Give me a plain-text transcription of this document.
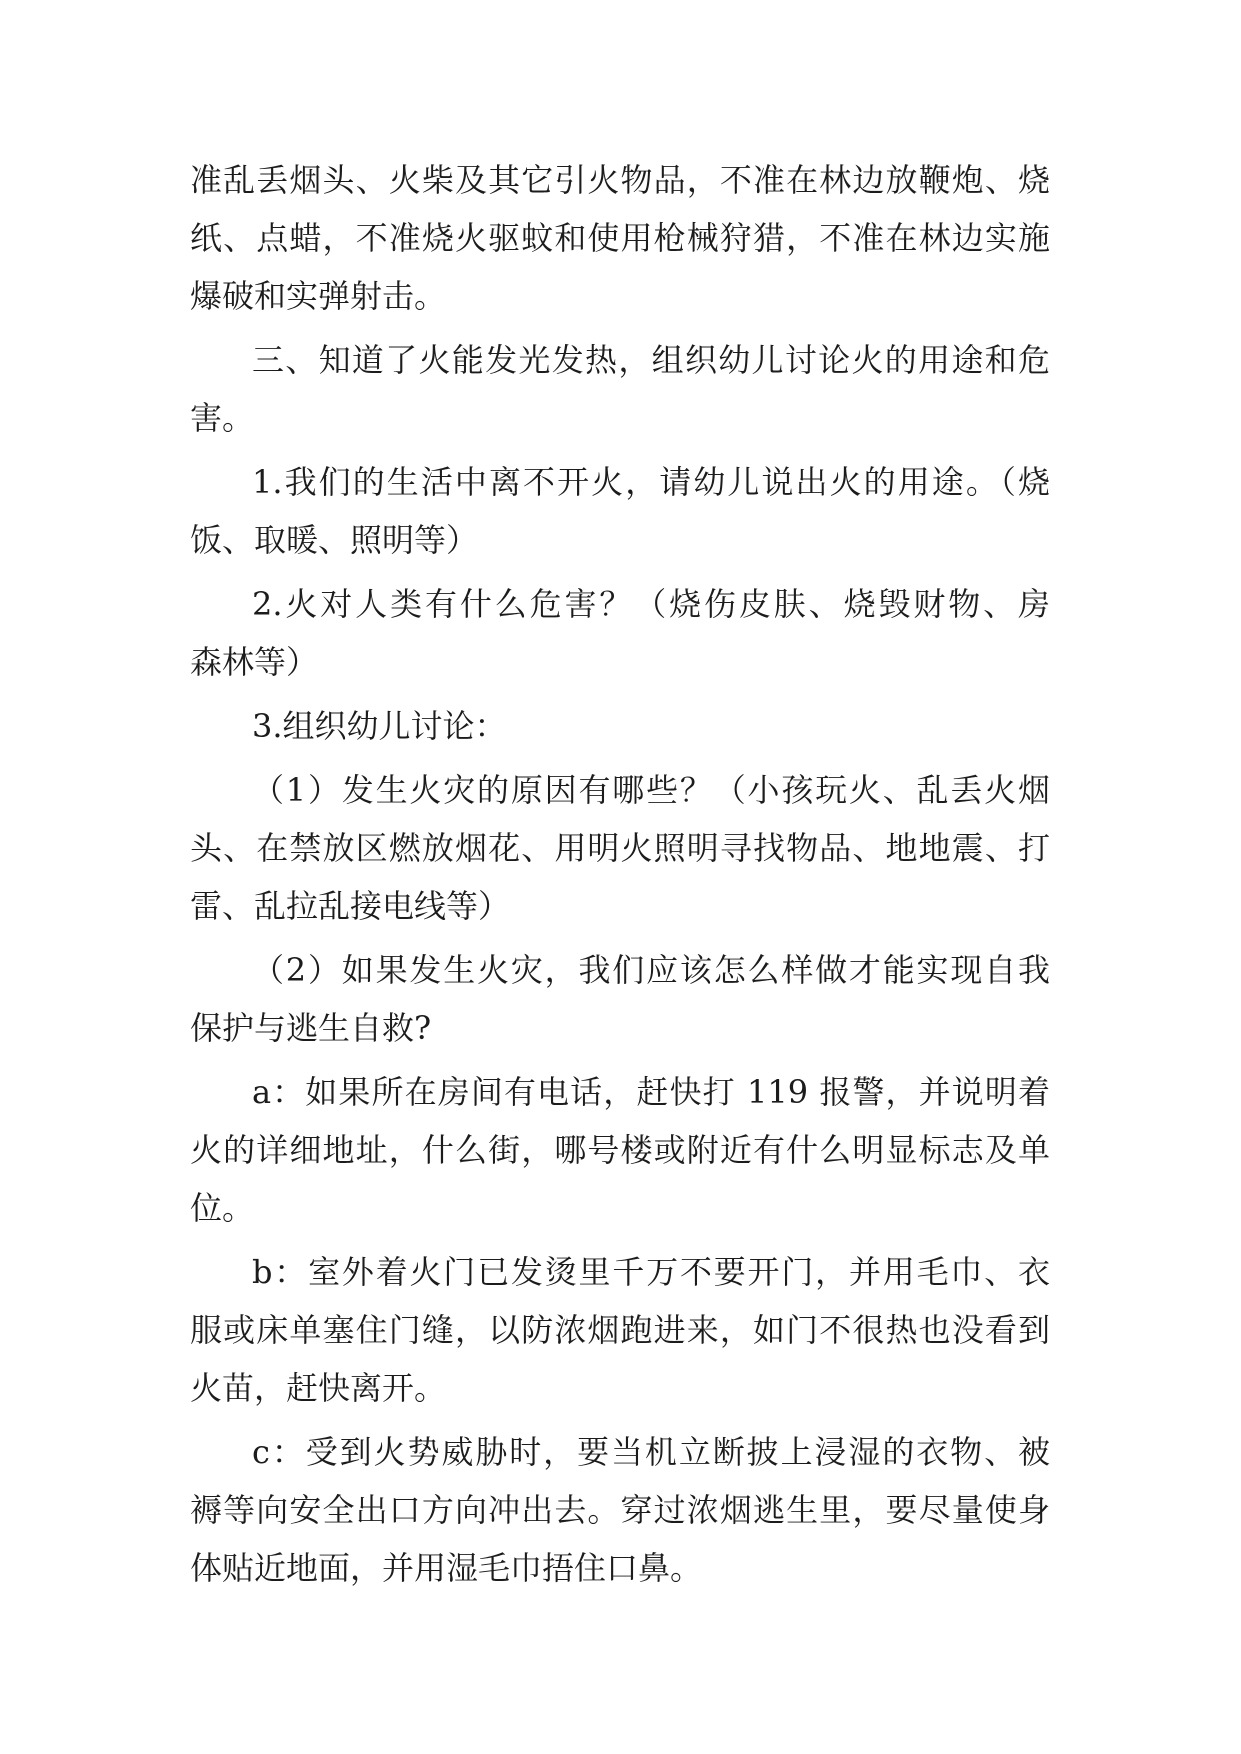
准乱丢烟头、火柴及其它引火物品，不准在林边放鞭炮、烧
纸、点蜡，不准烧火驱蚊和使用枪械狩猎，不准在林边实施
爆破和实弹射击。
三、知道了火能发光发热，组织幼儿讨论火的用途和危
害。
1.我们的生活中离不开火，请幼儿说出火的用途。（烧
饭、取暖、照明等）
2.火对人类有什么危害？（烧伤皮肤、烧毁财物、房
森林等）
3.组织幼儿讨论：
（1）发生火灾的原因有哪些？（小孩玩火、乱丢火烟
头、在禁放区燃放烟花、用明火照明寻找物品、地地震、打
雷、乱拉乱接电线等）
（2）如果发生火灾，我们应该怎么样做才能实现自我
保护与逃生自救?
a：如果所在房间有电话，赶快打 119 报警，并说明着
火的详细地址，什么街，哪号楼或附近有什么明显标志及单
位。
b：室外着火门已发烫里千万不要开门，并用毛巾、衣
服或床单塞住门缝，以防浓烟跑进来，如门不很热也没看到
火苗，赶快离开。
c：受到火势威胁时，要当机立断披上浸湿的衣物、被
褥等向安全出口方向冲出去。穿过浓烟逃生里，要尽量使身
体贴近地面，并用湿毛巾捂住口鼻。
